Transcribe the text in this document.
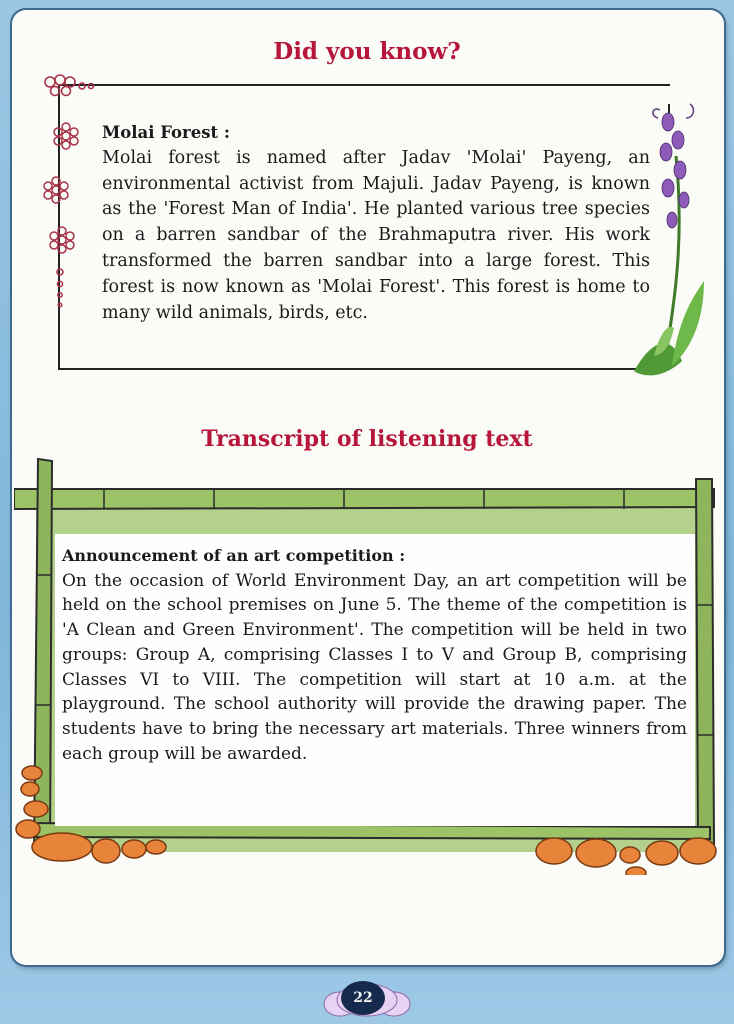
Did you know?
Molai Forest :
Molai forest is named after Jadav 'Molai' Payeng, an environmental activist from Majuli. Jadav Payeng, is known as the 'Forest Man of India'. He planted various tree species on a barren sandbar of the Brahmaputra river. His work transformed the barren sandbar into a large forest. This forest is now known as 'Molai Forest'. This forest is home to many wild animals, birds, etc.
Transcript of listening text
Announcement of an art competition :
On the occasion of World Environment Day, an art competition will be held on the school premises on June 5. The theme of the competition is 'A Clean and Green Environment'. The competition will be held in two groups: Group A, comprising Classes I to V and Group B, comprising Classes VI to VIII. The competition will start at 10 a.m. at the playground. The school authority will provide the drawing paper. The students have to bring the necessary art materials. Three winners from each group will be awarded.
22
